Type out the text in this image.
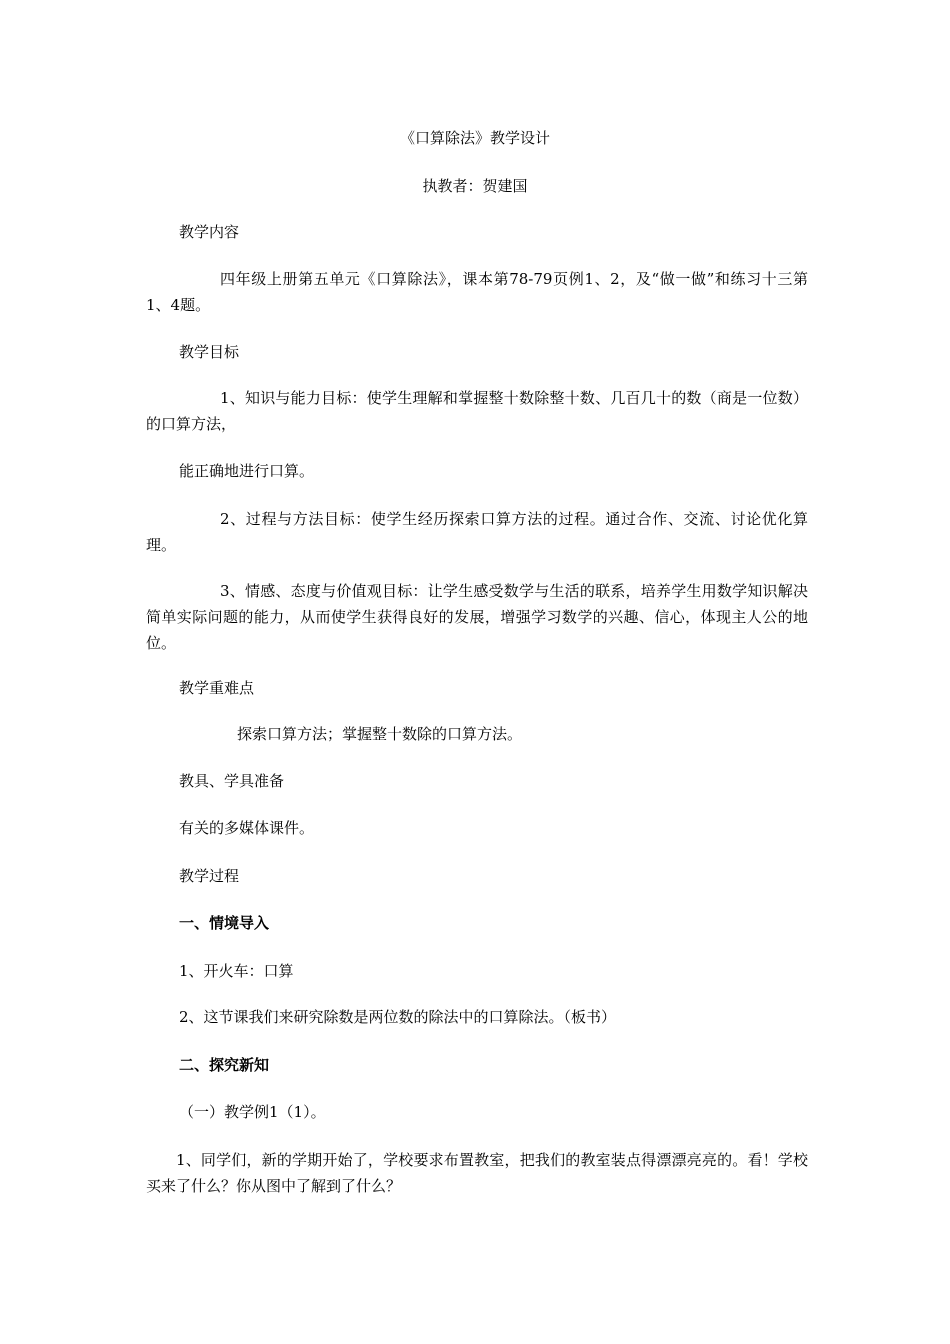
《口算除法》教学设计
执教者：贺建国
教学内容
四年级上册第五单元《口算除法》，课本第78-79页例1、2，及“做一做”和练习十三第1、4题。
教学目标
1、知识与能力目标：使学生理解和掌握整十数除整十数、几百几十的数（商是一位数）的口算方法，
能正确地进行口算。
2、过程与方法目标：使学生经历探索口算方法的过程。通过合作、交流、讨论优化算理。
3、情感、态度与价值观目标：让学生感受数学与生活的联系，培养学生用数学知识解决简单实际问题的能力，从而使学生获得良好的发展，增强学习数学的兴趣、信心，体现主人公的地位。
教学重难点
探索口算方法；掌握整十数除的口算方法。
教具、学具准备
有关的多媒体课件。
教学过程
一、情境导入
1、开火车：口算
2、这节课我们来研究除数是两位数的除法中的口算除法。（板书）
二、探究新知
（一）教学例1（1）。
1、同学们，新的学期开始了，学校要求布置教室，把我们的教室装点得漂漂亮亮的。看！学校买来了什么？你从图中了解到了什么？
